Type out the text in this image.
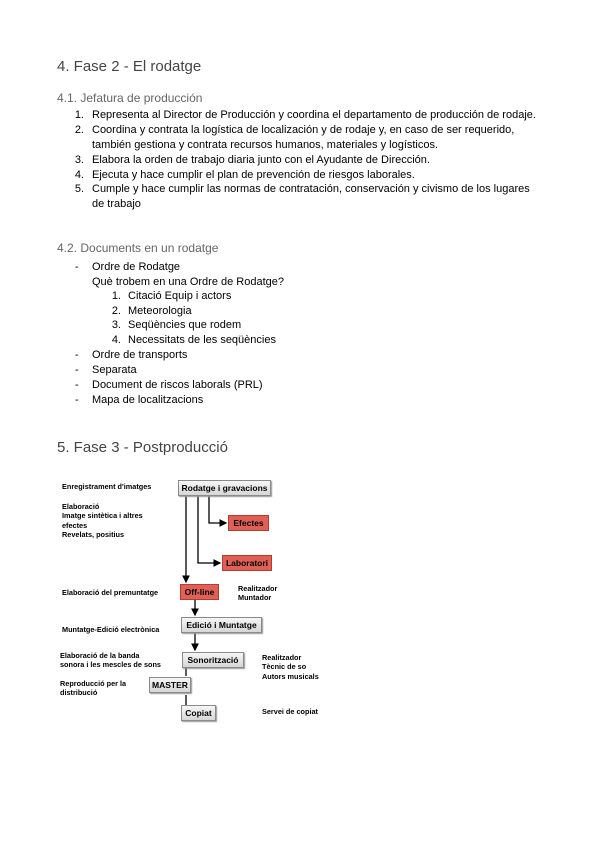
4. Fase 2 - El rodatge
4.1. Jefatura de producción
1. Representa al Director de Producción y coordina el departamento de producción de rodaje.
2. Coordina y contrata la logística de localización y de rodaje y, en caso de ser requerido,
también gestiona y contrata recursos humanos, materiales y logísticos.
3. Elabora la orden de trabajo diaria junto con el Ayudante de Dirección.
4. Ejecuta y hace cumplir el plan de prevención de riesgos laborales.
5. Cumple y hace cumplir las normas de contratación, conservación y civismo de los lugares
de trabajo
4.2. Documents en un rodatge
- Ordre de Rodatge
Què trobem en una Ordre de Rodatge?
1. Citació Equip i actors
2. Meteorologia
3. Seqüències que rodem
4. Necessitats de les seqüències
- Ordre de transports
- Separata
- Document de riscos laborals (PRL)
- Mapa de localitzacions
5. Fase 3 - Postproducció
Enregistrament d'imatges
Elaboració
Imatge sintètica i altres
efectes
Revelats, positius
Elaboració del premuntatge
Muntatge-Edició electrònica
Elaboració de la banda
sonora i les mescles de sons
Reproducció per la
distribució
Rodatge i gravacions
Efectes
Laboratori
Off-line
Edició i Muntatge
Sonorització
MASTER
Copiat
Realitzador
Muntador
Realitzador
Tècnic de so
Autors musicals
Servei de copiat
